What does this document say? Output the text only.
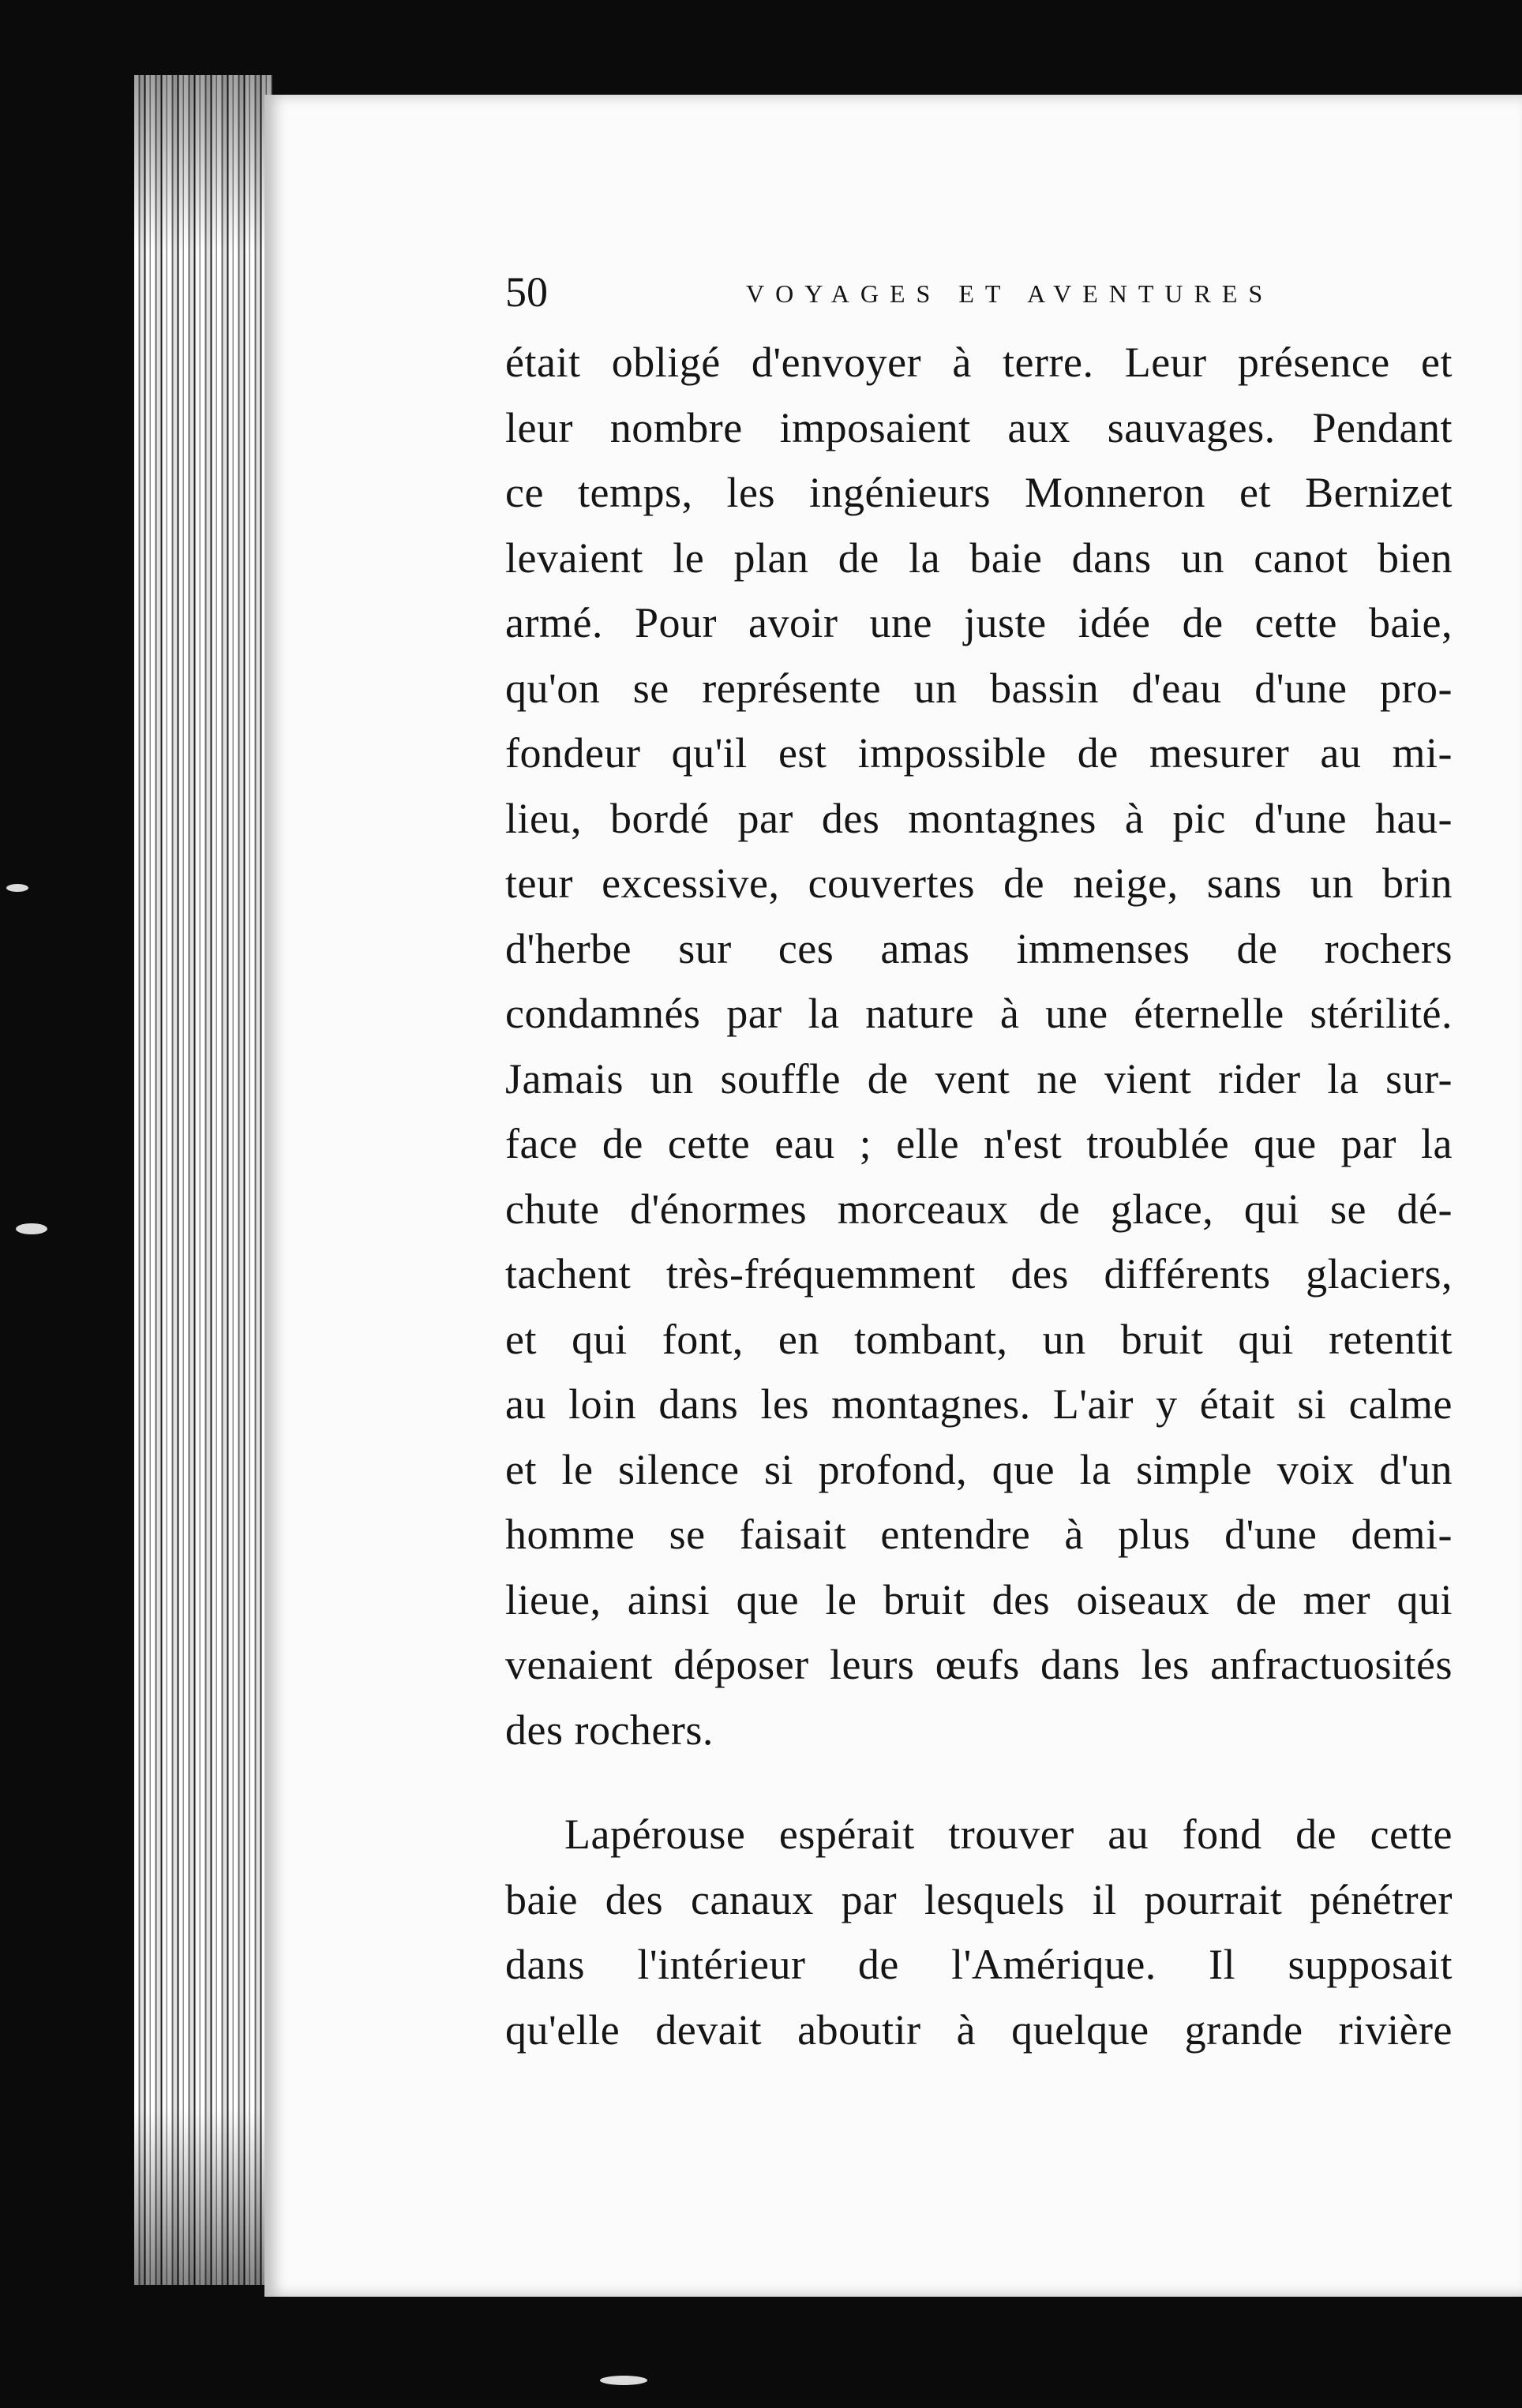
50	VOYAGES ET AVENTURES
était obligé d'envoyer à terre. Leur présence et
leur nombre imposaient aux sauvages. Pendant
ce temps, les ingénieurs Monneron et Bernizet
levaient le plan de la baie dans un canot bien
armé. Pour avoir une juste idée de cette baie,
qu'on se représente un bassin d'eau d'une pro-
fondeur qu'il est impossible de mesurer au mi-
lieu, bordé par des montagnes à pic d'une hau-
teur excessive, couvertes de neige, sans un brin
d'herbe sur ces amas immenses de rochers
condamnés par la nature à une éternelle stérilité.
Jamais un souffle de vent ne vient rider la sur-
face de cette eau ; elle n'est troublée que par la
chute d'énormes morceaux de glace, qui se dé-
tachent très-fréquemment des différents glaciers,
et qui font, en tombant, un bruit qui retentit
au loin dans les montagnes. L'air y était si calme
et le silence si profond, que la simple voix d'un
homme se faisait entendre à plus d'une demi-
lieue, ainsi que le bruit des oiseaux de mer qui
venaient déposer leurs œufs dans les anfractuosités
des rochers.
Lapérouse espérait trouver au fond de cette
baie des canaux par lesquels il pourrait pénétrer
dans l'intérieur de l'Amérique. Il supposait
qu'elle devait aboutir à quelque grande rivière
